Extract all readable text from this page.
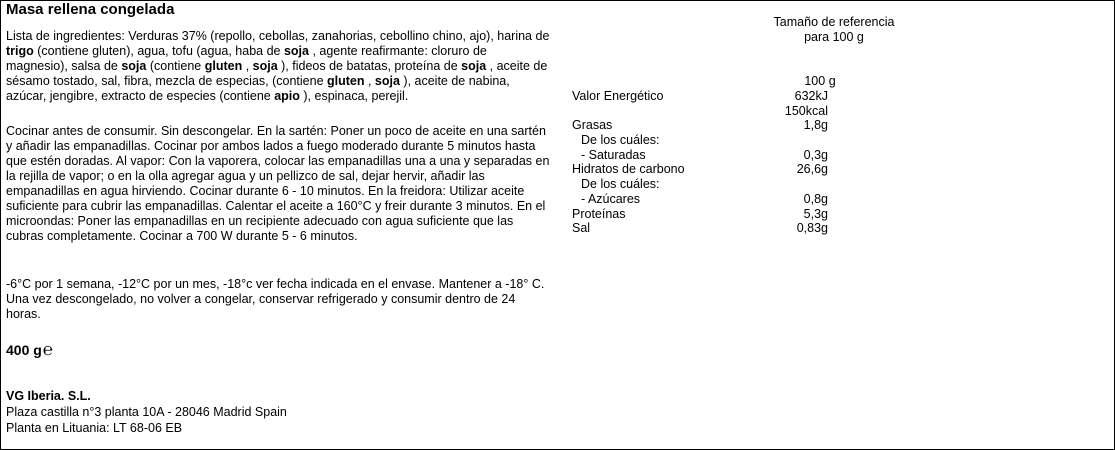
Masa rellena congelada
Lista de ingredientes: Verduras 37% (repollo, cebollas, zanahorias, cebollino chino, ajo), harina de trigo (contiene gluten), agua, tofu (agua, haba de soja , agente reafirmante: cloruro de magnesio), salsa de soja (contiene gluten , soja ), fideos de batatas, proteína de soja , aceite de sésamo tostado, sal, fibra, mezcla de especias, (contiene gluten , soja ), aceite de nabina, azúcar, jengibre, extracto de especies (contiene apio ), espinaca, perejil.
Cocinar antes de consumir. Sin descongelar. En la sartén: Poner un poco de aceite en una sartén y añadir las empanadillas. Cocinar por ambos lados a fuego moderado durante 5 minutos hasta que estén doradas. Al vapor: Con la vaporera, colocar las empanadillas una a una y separadas en la rejilla de vapor; o en la olla agregar agua y un pellizco de sal, dejar hervir, añadir las empanadillas en agua hirviendo. Cocinar durante 6 - 10 minutos. En la freidora: Utilizar aceite suficiente para cubrir las empanadillas. Calentar el aceite a 160°C y freir durante 3 minutos. En el microondas: Poner las empanadillas en un recipiente adecuado con agua suficiente que las cubras completamente. Cocinar a 700 W durante 5 - 6 minutos.
-6°C por 1 semana, -12°C por un mes, -18°c ver fecha indicada en el envase. Mantener a -18° C. Una vez descongelado, no volver a congelar, conservar refrigerado y consumir dentro de 24 horas.
400 g℮
VG Iberia. S.L.
Plaza castilla n°3 planta 10A - 28046 Madrid Spain
Planta en Lituania: LT 68-06 EB
Tamaño de referencia
para 100 g
100 g
Valor Energético	632kJ
150kcal
Grasas	1,8g
De los cuáles:
- Saturadas	0,3g
Hidratos de carbono	26,6g
De los cuáles:
- Azúcares	0,8g
Proteínas	5,3g
Sal	0,83g
